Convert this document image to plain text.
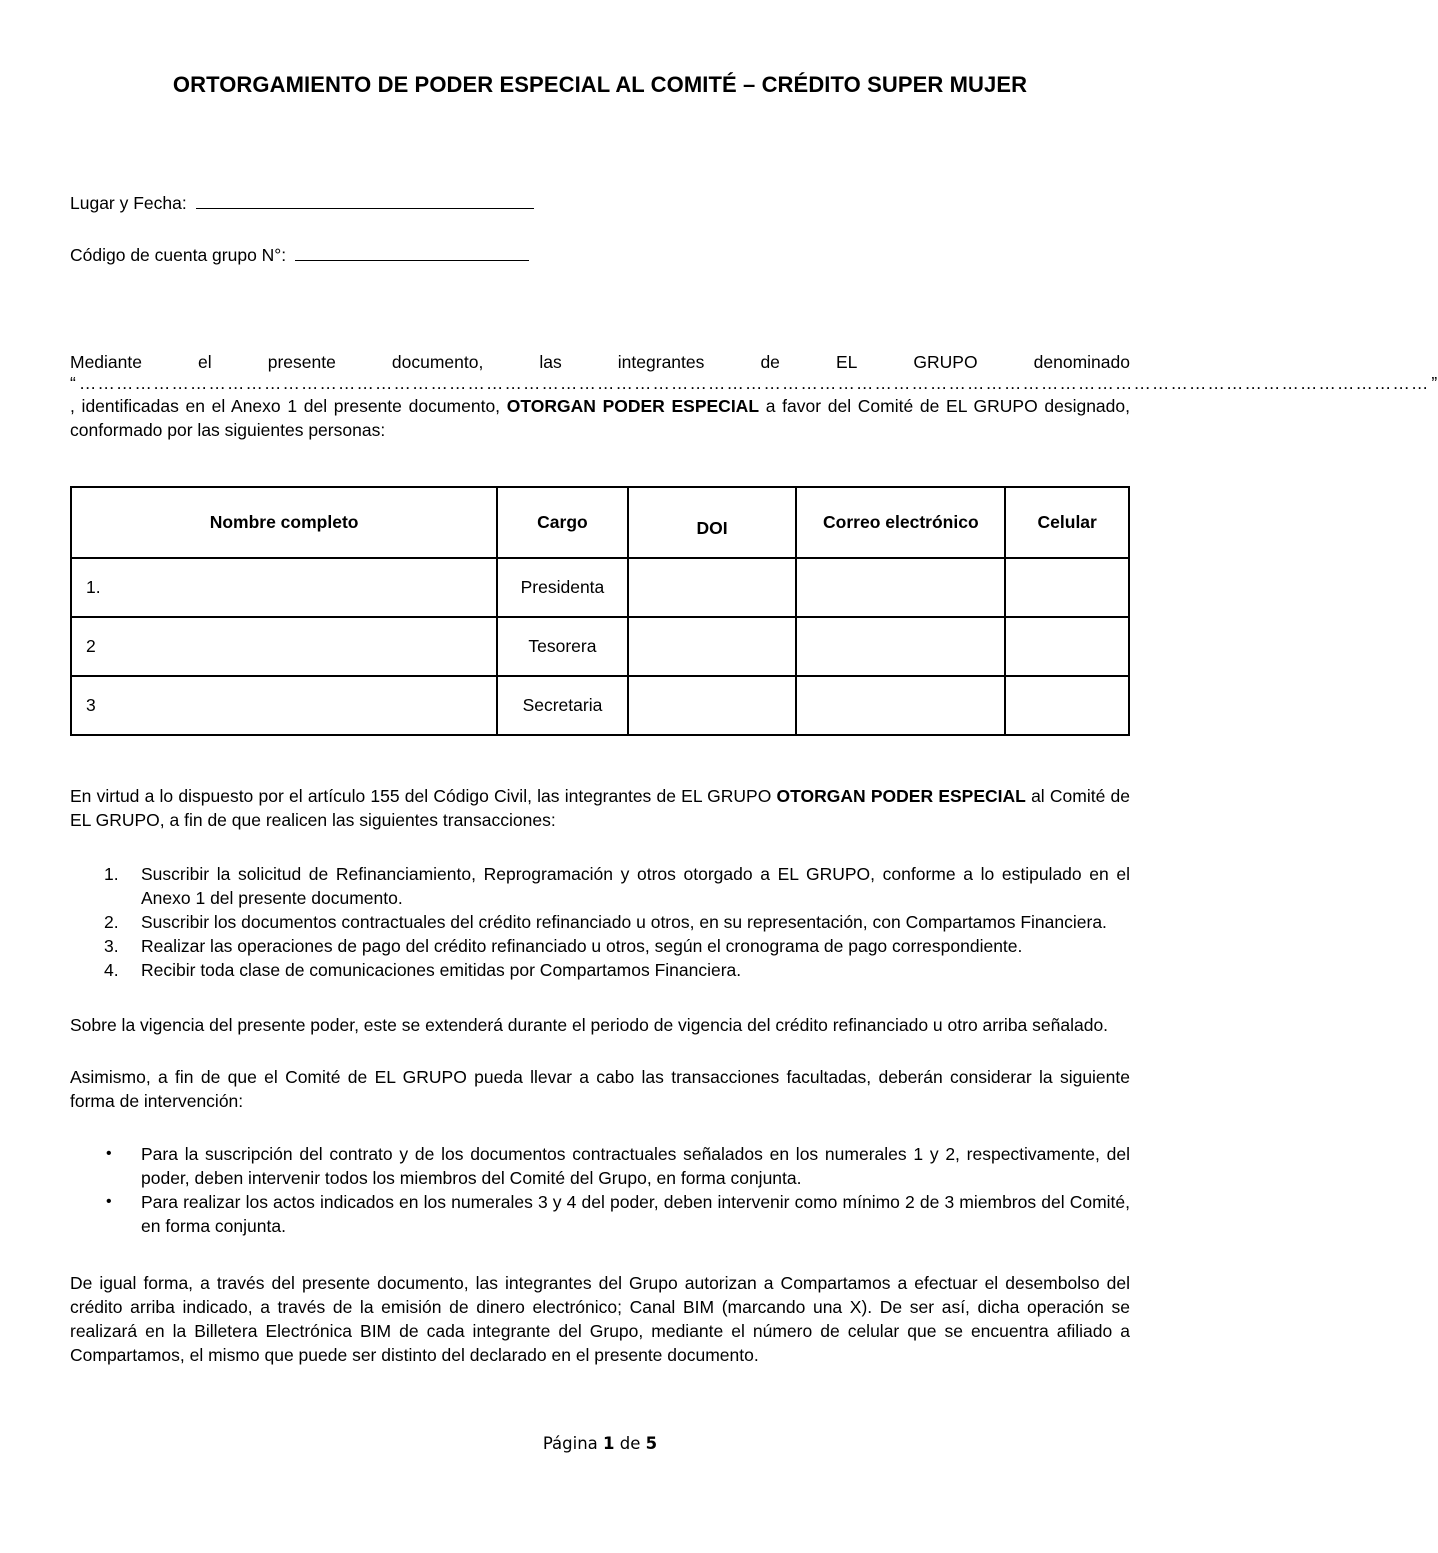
ORTORGAMIENTO DE PODER ESPECIAL AL COMITÉ – CRÉDITO SUPER MUJER
Lugar y Fecha:
Código de cuenta grupo N°:
Mediante	el	presente	documento,	las	integrantes	de	EL	GRUPO	denominado
“ ………………………………………………………………………………………………………………………………………………………………………………………………… ”
, identificadas en el Anexo 1 del presente documento, OTORGAN PODER ESPECIAL a favor del Comité de EL GRUPO designado, conformado por las siguientes personas:
Nombre completo	Cargo	DOI	Correo electrónico	Celular
1.	Presidenta			
2	Tesorera			
3	Secretaria			
En virtud a lo dispuesto por el artículo 155 del Código Civil, las integrantes de EL GRUPO OTORGAN PODER ESPECIAL al Comité de EL GRUPO, a fin de que realicen las siguientes transacciones:
1. Suscribir la solicitud de Refinanciamiento, Reprogramación y otros otorgado a EL GRUPO, conforme a lo estipulado en el Anexo 1 del presente documento.
2. Suscribir los documentos contractuales del crédito refinanciado u otros, en su representación, con Compartamos Financiera.
3. Realizar las operaciones de pago del crédito refinanciado u otros, según el cronograma de pago correspondiente.
4. Recibir toda clase de comunicaciones emitidas por Compartamos Financiera.
Sobre la vigencia del presente poder, este se extenderá durante el periodo de vigencia del crédito refinanciado u otro arriba señalado.
Asimismo, a fin de que el Comité de EL GRUPO pueda llevar a cabo las transacciones facultadas, deberán considerar la siguiente forma de intervención:
• Para la suscripción del contrato y de los documentos contractuales señalados en los numerales 1 y 2, respectivamente, del poder, deben intervenir todos los miembros del Comité del Grupo, en forma conjunta.
• Para realizar los actos indicados en los numerales 3 y 4 del poder, deben intervenir como mínimo 2 de 3 miembros del Comité, en forma conjunta.
De igual forma, a través del presente documento, las integrantes del Grupo autorizan a Compartamos a efectuar el desembolso del crédito arriba indicado, a través de la emisión de dinero electrónico; Canal BIM (marcando una X). De ser así, dicha operación se realizará en la Billetera Electrónica BIM de cada integrante del Grupo, mediante el número de celular que se encuentra afiliado a Compartamos, el mismo que puede ser distinto del declarado en el presente documento.
Página 1 de 5
